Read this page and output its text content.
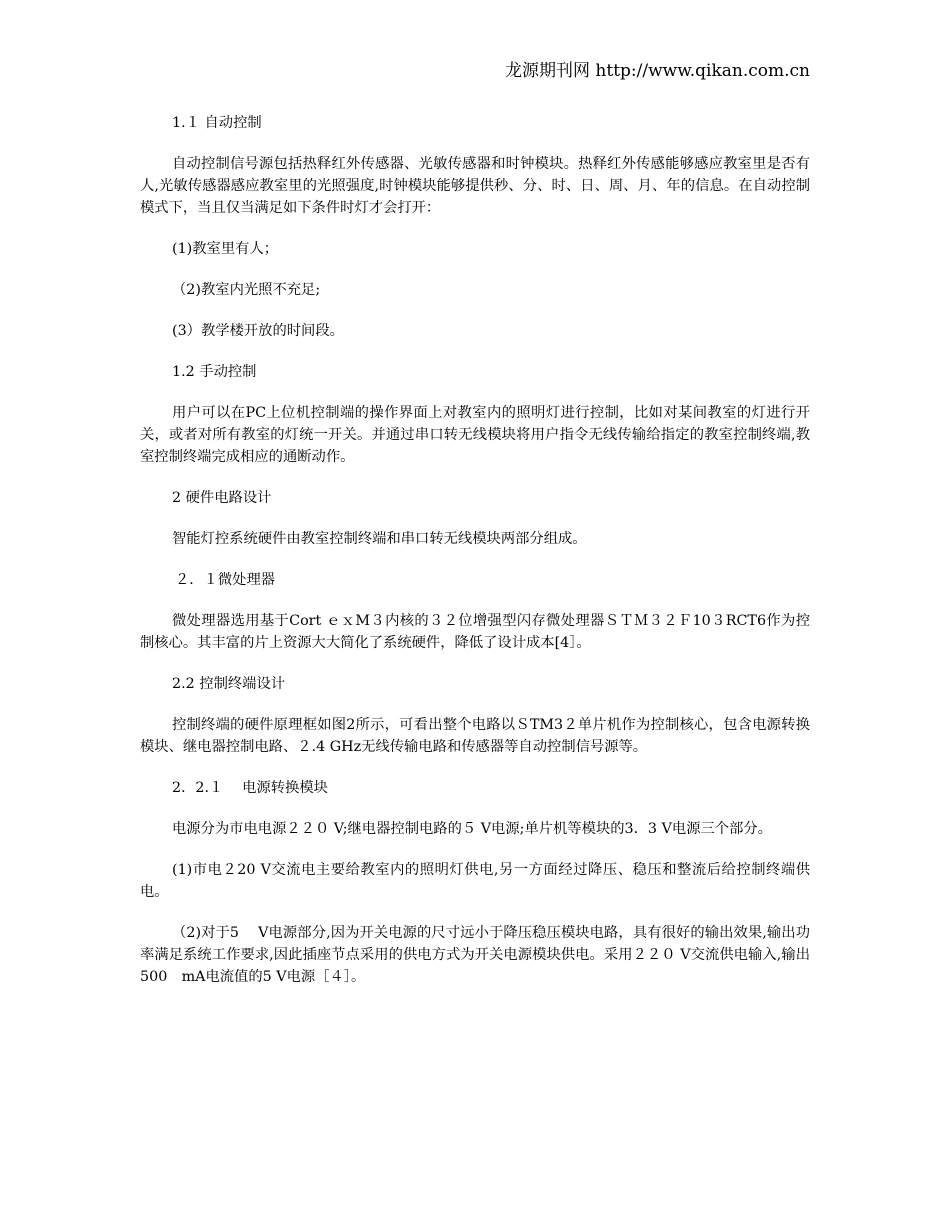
龙源期刊网 http://www.qikan.com.cn
1.１ 自动控制
自动控制信号源包括热释红外传感器、光敏传感器和时钟模块。热释红外传感能够感应教室里是否有人,光敏传感器感应教室里的光照强度,时钟模块能够提供秒、分、时、日、周、月、年的信息。在自动控制模式下，当且仅当满足如下条件时灯才会打开：
(1)教室里有人；
（2)教室内光照不充足;
(3）教学楼开放的时间段。
1.2 手动控制
用户可以在PC上位机控制端的操作界面上对教室内的照明灯进行控制，比如对某间教室的灯进行开关，或者对所有教室的灯统一开关。并通过串口转无线模块将用户指令无线传输给指定的教室控制终端,教室控制终端完成相应的通断动作。
2 硬件电路设计
智能灯控系统硬件由教室控制终端和串口转无线模块两部分组成。
２．１微处理器
微处理器选用基于Cort ｅｘM３内核的３２位增强型闪存微处理器ＳＴＭ３２Ｆ10３RCT6作为控制核心。其丰富的片上资源大大简化了系统硬件，降低了设计成本[4］。
2.2 控制终端设计
控制终端的硬件原理框如图2所示，可看出整个电路以ＳTM3２单片机作为控制核心，包含电源转换模块、继电器控制电路、２.4 GHz无线传输电路和传感器等自动控制信号源等。
2．2.１　 电源转换模块
电源分为市电电源２２０ V;继电器控制电路的５ V电源;单片机等模块的3．3 V电源三个部分。
(1)市电２20 V交流电主要给教室内的照明灯供电,另一方面经过降压、稳压和整流后给控制终端供电。
（2)对于5　 V电源部分,因为开关电源的尺寸远小于降压稳压模块电路，具有很好的输出效果,输出功率满足系统工作要求,因此插座节点采用的供电方式为开关电源模块供电。采用２２０ V交流供电输入,输出500　mA电流值的5 V电源［４］。
